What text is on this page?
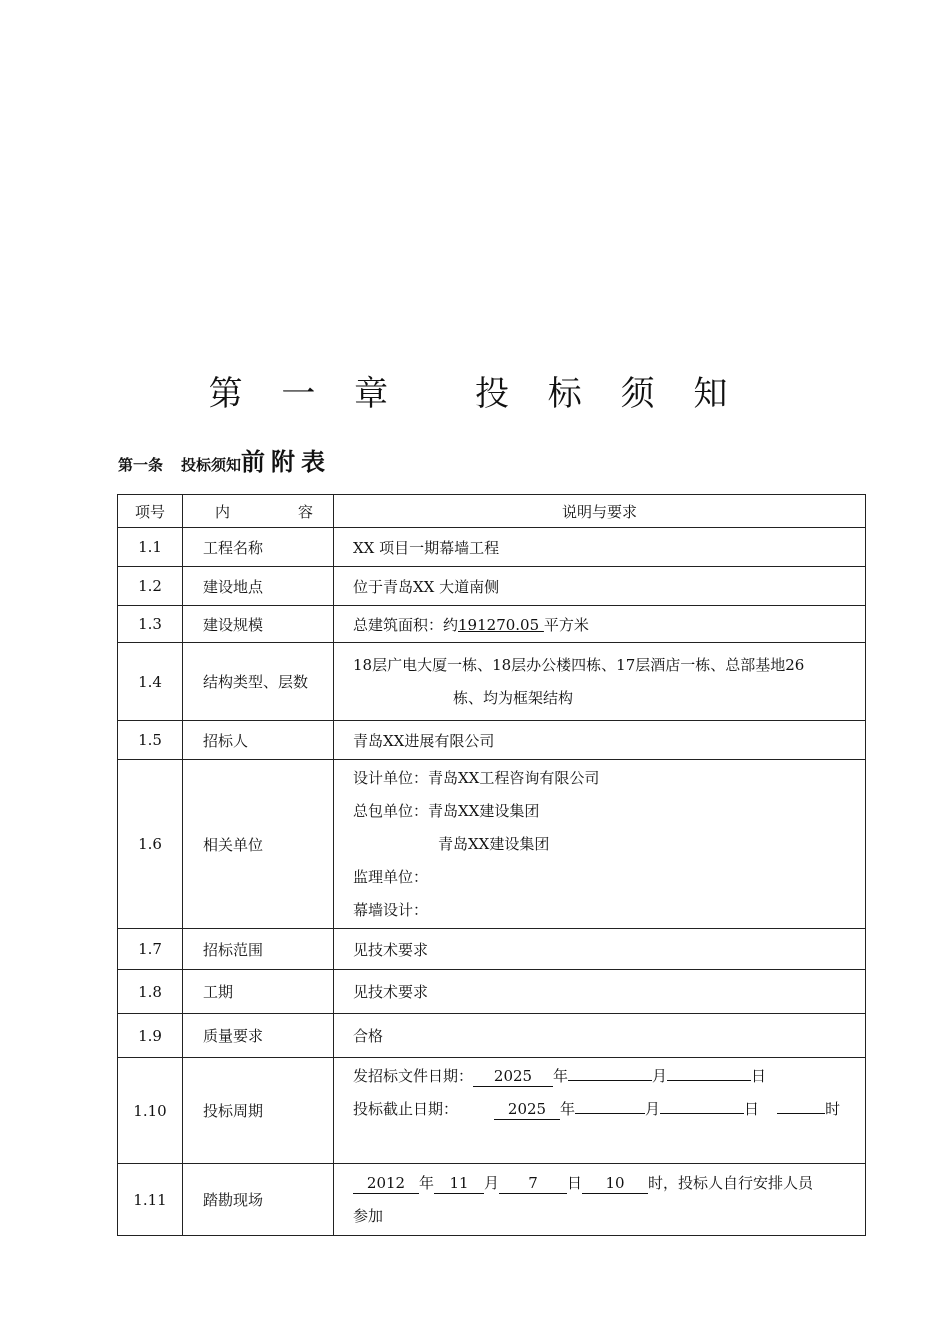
第 一 章　 投 标 须 知
第一条 投标须知前附表
项号	内 容	说明与要求
1.1	工程名称	XX 项目一期幕墙工程
1.2	建设地点	位于青岛XX 大道南侧
1.3	建设规模	总建筑面积：约191270.05 平方米
1.4	结构类型、层数	18层广电大厦一栋、18层办公楼四栋、17层酒店一栋、总部基地26
栋、均为框架结构

1.5	招标人	青岛XX进展有限公司
1.6	相关单位	设计单位：青岛XX工程咨询有限公司
总包单位：青岛XX建设集团
青岛XX建设集团
监理单位：
幕墙设计：

1.7	招标范围	见技术要求
1.8	工期	见技术要求
1.9	质量要求	合格
1.10	投标周期	发招标文件日期： 2025 年 月 日
投标截止日期： 2025 年 月 日 时

1.11	踏勘现场	2012 年 11 月 7 日 10 时，投标人自行安排人员
参加
